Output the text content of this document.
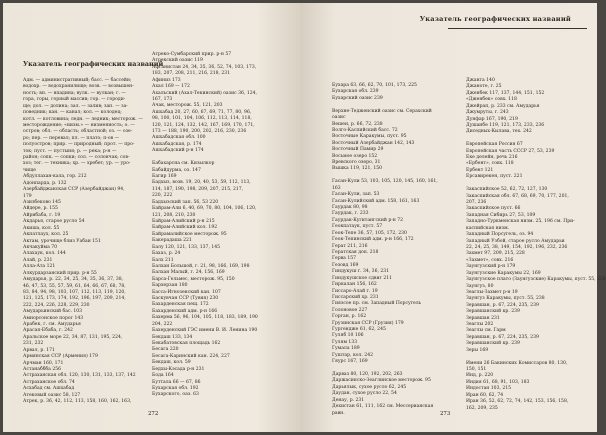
Указатель географических названий

Адм. — административный; басс. — бассейн;

водохр. — водохранилище; возв. — возвышен-

ность; вп. — впадина; вулк. — вулкан; г. —

гора, горы, горный массив; гор. — городи-

ще; дол. — долина; зал. — залив; зап. — за-

поведник; кан. — канал; кол. — колодец;

котл. — котловина; ледн. — ледник; месторож. —

месторождение; «низм.» — низменность; о. —

остров; обл. — область; областной; оз. — озе-

ро; пер. — перевал; пл. — плато; п-ов —

полуостров; прир. — природный; прот. — про-

ток; пуст. — пустыня; р. — река; р-н —

район; сопк. — сопки; сол. — солончак; сов-

хоз; тег. — техника; хр. — хребет; ур. — уро-

чище

Абдуллахан-кала, гор. 212

Адонпарда, р. 132

Азербайджанская ССР (Азербайджан) 94,

179

Азизбеково 145

Айдере, р. 155

Айрибаба, г. 19

Акдарья, старое русло 54

Акиша, кол. 55

Акпатлаух, кол. 25

Актам, урочище близ Уабаи 151

Акчакуйма 70

Алахаук, кол. 144

Алай, р. 231

Алла-Ата 121

Алкурдарзанский прир. р-н 55

Амударья, р. 22, 34, 25, 34, 35, 36, 37, 38,

46, 47, 53, 55, 57, 59, 61, 64, 66, 67, 68, 78,

83, 84, 94, 98, 103, 107, 112, 113, 119, 120,

121, 125, 173, 174, 192, 196, 197, 209, 214,

222, 224, 226, 228, 229, 230

Амударьинский бас. 103

Амнорсонское порог 143

Арабек, г. см. Амударья

Арасап-Ебаба, г. 242

Аральское море 22, 34, 87, 131, 195, 224,

231, 232

Арвал, р. 171

Армянская ССР (Армения) 179

Арчман 160, 171

Астанаббба 256

Астраханская обл. 120, 130, 131, 133, 137, 142

Астраханское обл. 74

Асхабад см. Ашхабад

Атековый оазис 58, 127

Атрек, р. 36, 42, 112, 113, 158, 160, 162, 163,

Атреко-Сумбарский прир. р-н 57

Атрекский оазис 119

Афганистан 24, 34, 35, 36, 52, 74, 103, 173,

183, 207, 208, 211, 216, 218, 231

Афиниз 173

Ахал 169 — 172

Ахальский (Ахал-Текинский) оазис 36, 124,

167, 173

Ачак, месторож. 55, 121, 203

Ашхабад 20, 27, 60, 67, 69, 71, 77, 80, 96,

98, 100, 101, 104, 106, 112, 113, 114, 118,

120, 121, 124, 132, 142, 167, 169, 170, 171,

173 — 188, 190, 200, 202, 216, 230, 236

Ашхабадская обл. 100

Ашхабадская, р. 174

Ашхабадский р-н 174

Бабахарсна см. Кизылкор

Бабайдурма, оз. 147

Багир 169

Бадхыз, возв. 19, 20, 40, 53, 59, 112, 113,

114, 187, 190, 198, 209, 207, 215, 217,

220, 222

Бадхызский зап. 56, 53 220

Байрам-Али 6, 40, 69, 70, 80, 104, 106, 120,

121, 208, 210, 230

Байрам-Алийский р-н 215

Байрам-Алийский кол. 192

Байрамалийское месторож. 95

Бакерадаша 221

Балу 120, 121, 133, 137, 145

Бахаз, р. 24

Балх 211

Балхан Большой, г. 21, 98, 166, 169, 198

Балхан Малый, г. 24, 156, 169

Барса-Гельмес, месторож. 95, 150

Бархерзан 180

Басса-Игнозенский кан. 107

Баскувчан ССР (Тувия) 230

Бахарденская пещ. 172

Бахарденский адм. р-н 166

Бахерма 56, 96, 104, 105, 118, 183, 189, 190

204, 222

Бахерденский ГЭС имени В. И. Ленина 190

Бекдаш 133, 134

Бекабатовская площадь 162

Бесага 220

Бесага-Каринский кан. 224, 227

Бекдаш, кол. 59

Бедхы-Кэсада р-н 231

Бода 164

Буттала 66 — 67, 86

Бухарская обл. 192

Бухарского, оаз. 63

272
Указатель географических названий

Бухара 63, 66, 62, 70, 101, 173, 225

Бухарская обл. 239

Бухарский оазис 239

Верхне-Тедженский оазис см. Серахский

оазис

Вешен, р. 66, 72, 238

Волго-Каспийский басс. 72

Восточные Каракумы, пуст. 95

Восточный Азербайджан 142, 143

Восточный Памир 29

Восьмое озеро 152

Вревского озеро, 31

Вышка 119, 121, 150

Гасан-Кули 53, 103, 105, 120, 145, 160, 161,

163

Гасан-Кули, зап. 53

Гасан-Кулийский адм. 158, 161, 163

Гаурдак 80, 98

Гаурдак, г. 233

Гаурдак-Кугитангский р-н 72

Геокпатаук, пуст. 57

Геок-Тепе 36, 57, 105, 172, 230

Геок-Тепинский адм. р-н 166, 172

Герат 211, 216

Гератская доп. 218

Герва 157

Гезовд 169

Гиндукуш г. 34, 36, 231

Гиндукушское сдвиг 211

Гиркалан 156, 162

Гиссаро-Алай г. 19

Гиссарский хр. 231

Гиязсое пр. см. Западный Порсугель

Голоновое 227

Горган, р. 162

Грузинская ССР (Грузия) 179

Гургендже 61, 62, 245

Гуляб 10 106

Гулям 133

Гумала 189

Гуштар, кол. 242

Гяурс 167, 169

Дарваз 80, 120, 192, 202, 263

Даржасинско-Зеаглинское месторож. 95

Дарьялык, сухое русло 62, 245

Даудан, сухое русло 22, 54

Денау, р. 231

Дехистан 61, 111, 162 см. Мессерианская

равн.

Джанга 140

Джаноте, г. 25

Дженбек 117, 137, 144, 151, 152

«Дженбек» совх. 118

Джейрап, р. 233 см. Амударья

Джумруты, г. 243

Дунфар 167, 190, 219

Душанбе 119, 121, 173, 233, 236

Диседных-Кылава, тех. 242

Европейская Россия 67

Европейская часть СССР 27, 53, 239

Еке делейн, речь 216

«Ербент», совх. 118

Ербент 121

Ерсавирекен, пуст. 221

Закаспийское 52, 62, 72, 127, 130

Закаспийская обл. 67, 68, 69, 70, 177, 201,

207, 236

Закаспийское пуст. 66

Западная Сибирь 27, 53, 109

Западно-Туркменская низм. 25, 196 см. При-

каспийская низм.

Западный Порсугель, оз. 94

Западный Узбой, старое русло Амударьи

22, 24, 25, 38, 149, 154, 192, 196, 232, 236

Захмет 97, 209, 215, 228

«Захмет», совх. 216

Заунгузский р-н 179

Заунгузские Каракумы 22, 169

Заунгузское плато (Заунгузские) Каракумы, пуст. 55, 238

Заунгуз, 80

Зеаглы-Захмет р-н 19

Заунгуз Каракумы, пуст. 55, 238

Зеравшан, р. 67, 224, 235, 239

Зеравшанский кр. 239

Зеравшан 231

Зеаглы 202

Зеаглы см. Гарм

Зеравшан, р. 67, 224, 235, 239

Зеравшанский кр. 239

Зеры 169

Имени 26 Бакинских Комиссаров 80, 130,

150, 151

Инд, р. 220

Индия 61, 68, 91, 103, 183

Индостан 103, 215

Иран 60, 62, 74

Иран 36, 52, 62, 72, 74, 142, 153, 156, 158,

162, 209, 235

273
